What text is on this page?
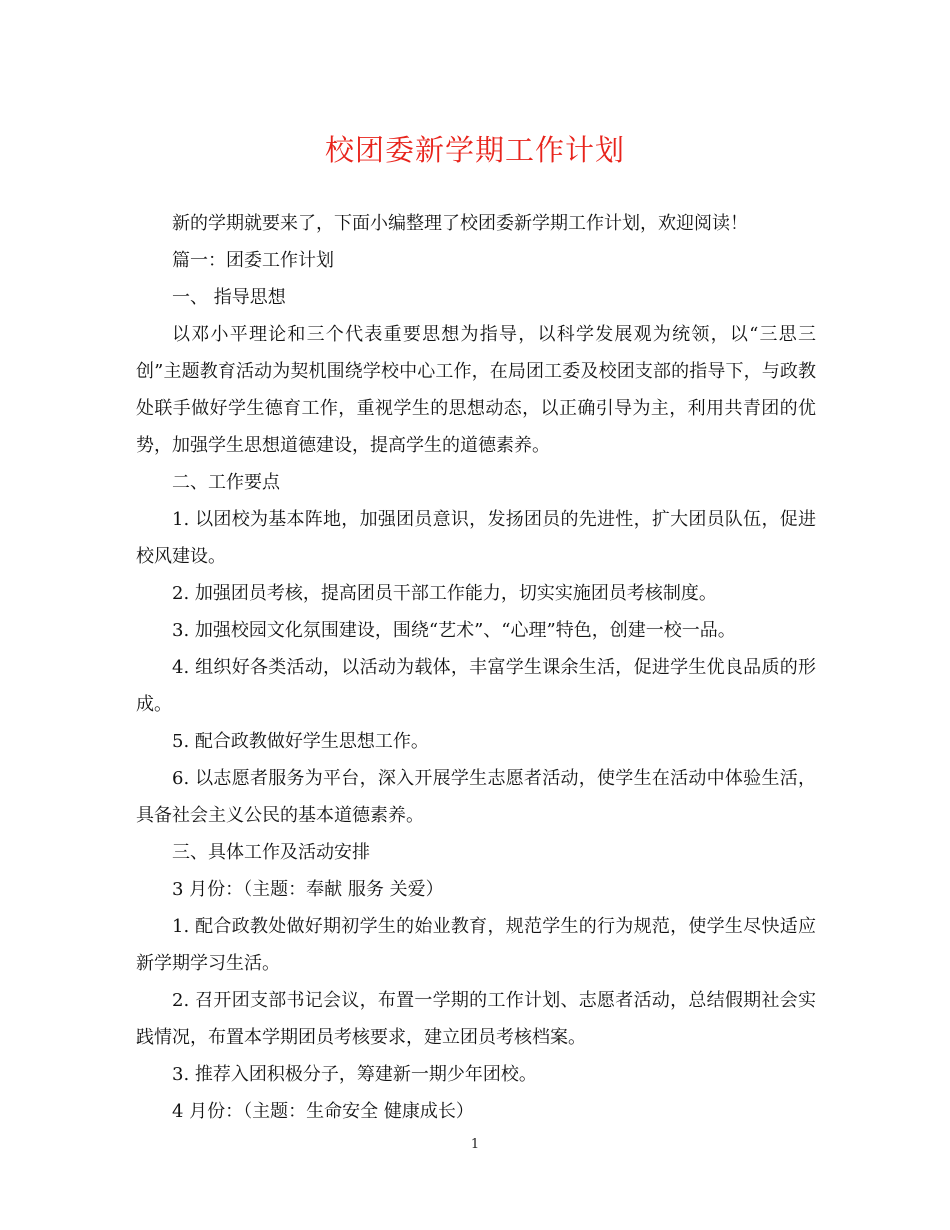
校团委新学期工作计划

新的学期就要来了，下面小编整理了校团委新学期工作计划，欢迎阅读！

篇一：团委工作计划

一、 指导思想

以邓小平理论和三个代表重要思想为指导，以科学发展观为统领，以“三思三创”主题教育活动为契机围绕学校中心工作，在局团工委及校团支部的指导下，与政教处联手做好学生德育工作，重视学生的思想动态，以正确引导为主，利用共青团的优势，加强学生思想道德建设，提高学生的道德素养。

二、工作要点

1. 以团校为基本阵地，加强团员意识，发扬团员的先进性，扩大团员队伍，促进校风建设。

2. 加强团员考核，提高团员干部工作能力，切实实施团员考核制度。

3. 加强校园文化氛围建设，围绕“艺术”、“心理”特色，创建一校一品。

4. 组织好各类活动，以活动为载体，丰富学生课余生活，促进学生优良品质的形成。

5. 配合政教做好学生思想工作。

6. 以志愿者服务为平台，深入开展学生志愿者活动，使学生在活动中体验生活，具备社会主义公民的基本道德素养。

三、具体工作及活动安排

3 月份：（主题：奉献 服务 关爱）

1. 配合政教处做好期初学生的始业教育，规范学生的行为规范，使学生尽快适应新学期学习生活。

2. 召开团支部书记会议，布置一学期的工作计划、志愿者活动，总结假期社会实践情况，布置本学期团员考核要求，建立团员考核档案。

3. 推荐入团积极分子，筹建新一期少年团校。

4 月份：（主题：生命安全 健康成长）

1
